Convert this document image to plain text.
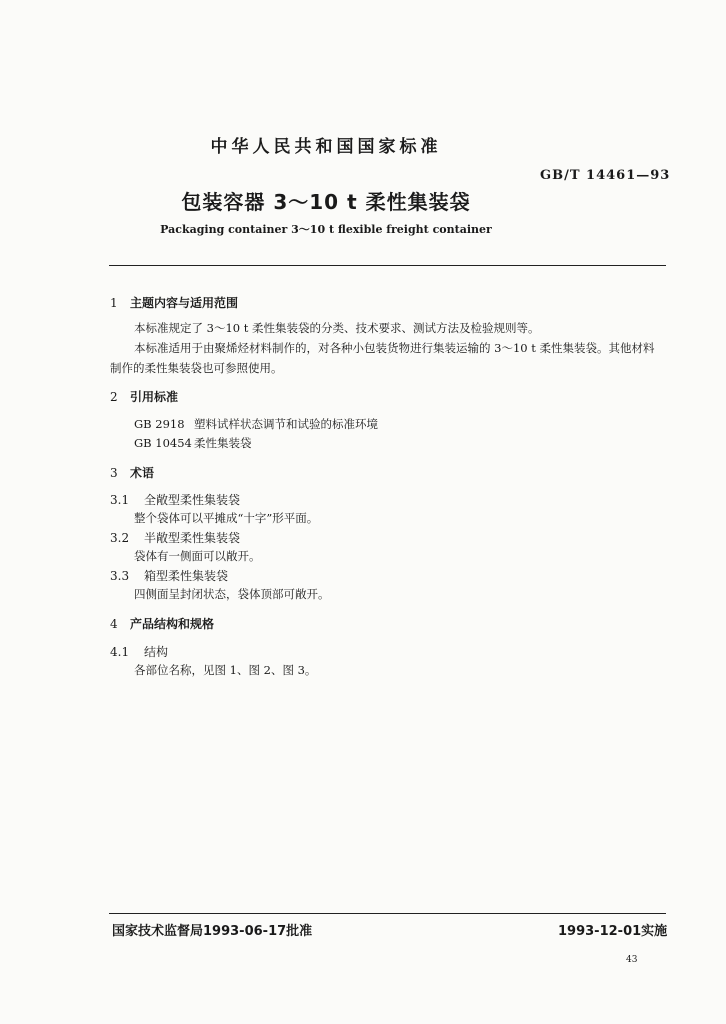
中华人民共和国国家标准
GB/T 14461—93
包装容器 3～10 t 柔性集装袋
Packaging container 3～10 t flexible freight container
1 主题内容与适用范围
本标准规定了 3～10 t 柔性集装袋的分类、技术要求、测试方法及检验规则等。
本标准适用于由聚烯烃材料制作的，对各种小包装货物进行集装运输的 3～10 t 柔性集装袋。其他材料制作的柔性集装袋也可参照使用。
2 引用标准
GB 2918 塑料试样状态调节和试验的标准环境
GB 10454 柔性集装袋
3 术语
3.1 全敞型柔性集装袋
整个袋体可以平摊成“十字”形平面。
3.2 半敞型柔性集装袋
袋体有一侧面可以敞开。
3.3 箱型柔性集装袋
四侧面呈封闭状态，袋体顶部可敞开。
4 产品结构和规格
4.1 结构
各部位名称，见图 1、图 2、图 3。
国家技术监督局1993-06-17批准	1993-12-01实施
43
